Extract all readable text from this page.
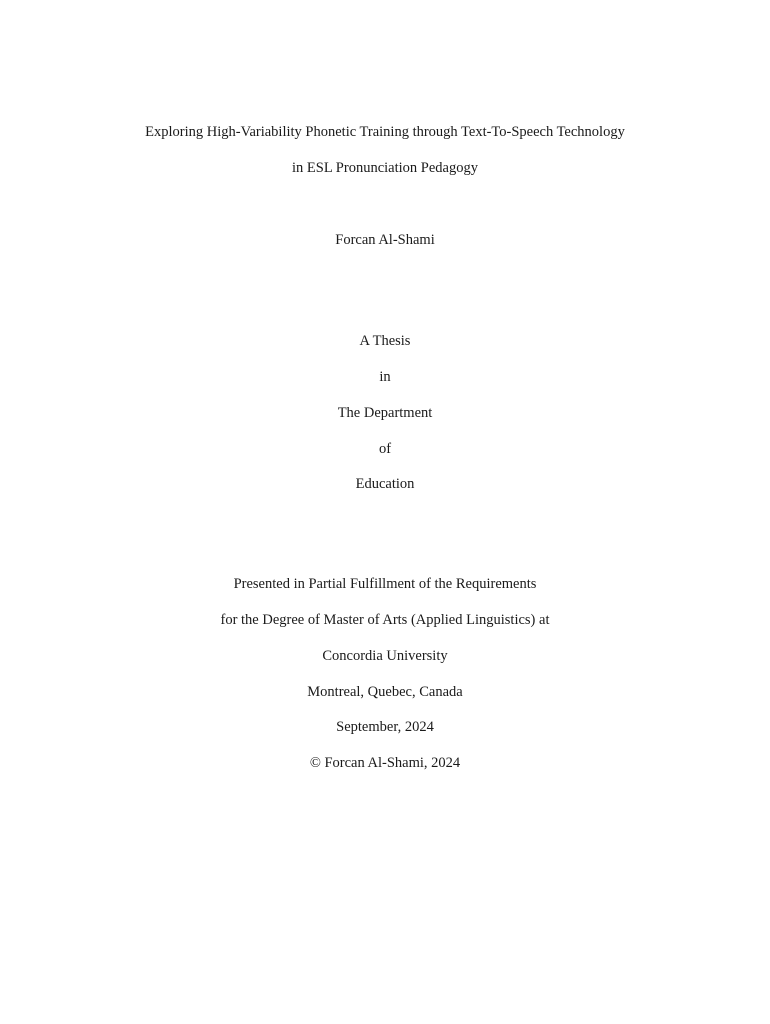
Exploring High-Variability Phonetic Training through Text-To-Speech Technology
in ESL Pronunciation Pedagogy
Forcan Al-Shami
A Thesis
in
The Department
of
Education
Presented in Partial Fulfillment of the Requirements
for the Degree of Master of Arts (Applied Linguistics) at
Concordia University
Montreal, Quebec, Canada
September, 2024
© Forcan Al-Shami, 2024
